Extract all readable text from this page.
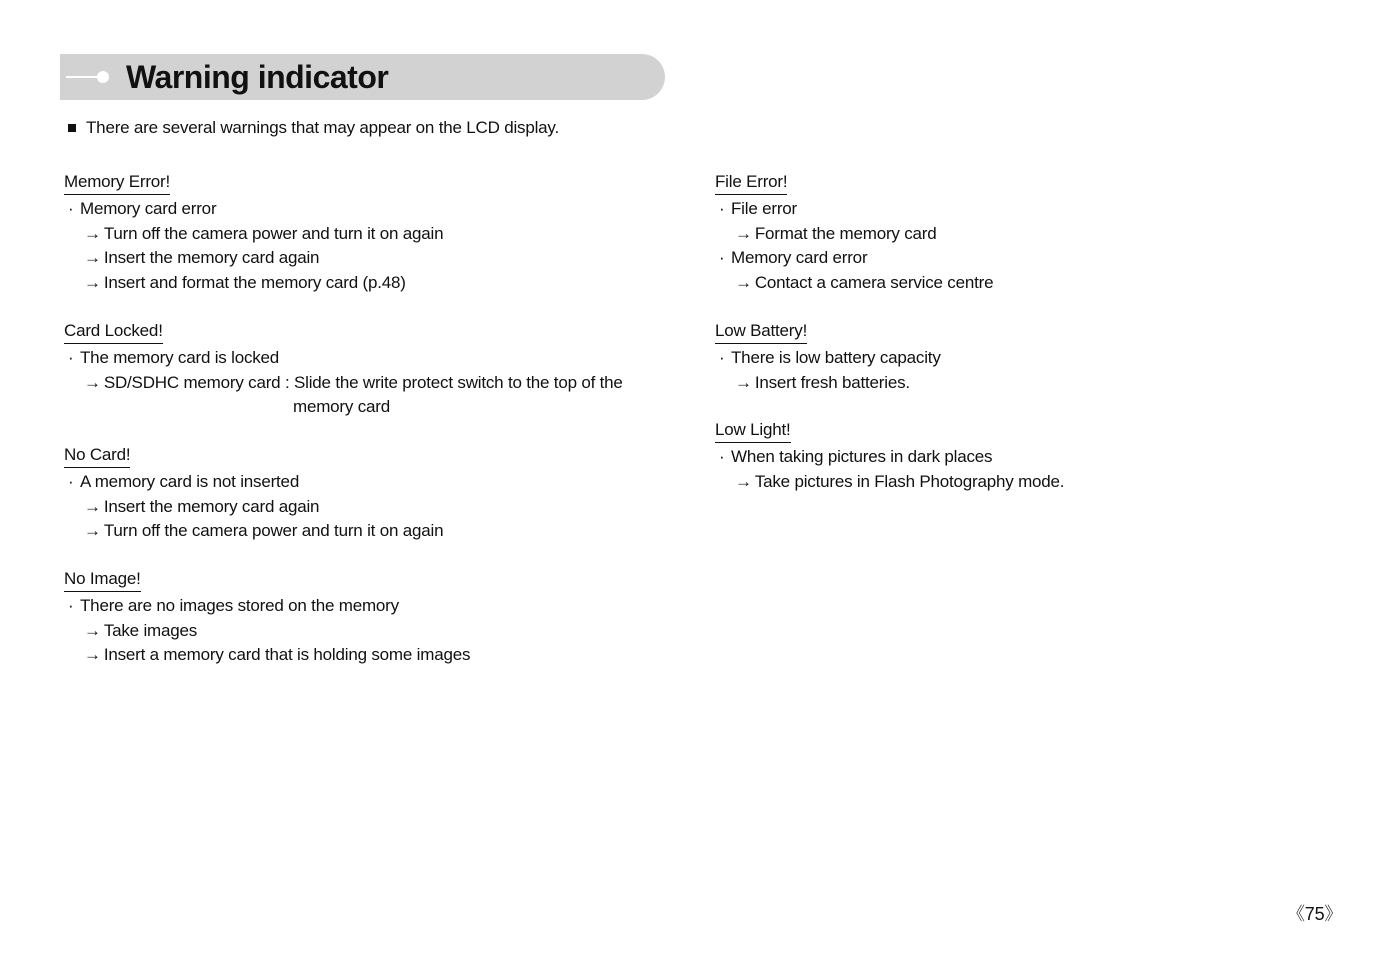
Warning indicator
There are several warnings that may appear on the LCD display.
Memory Error!
· Memory card error
→ Turn off the camera power and turn it on again
→ Insert the memory card again
→ Insert and format the memory card (p.48)
Card Locked!
· The memory card is locked
→ SD/SDHC memory card : Slide the write protect switch to the top of the
memory card
No Card!
· A memory card is not inserted
→ Insert the memory card again
→ Turn off the camera power and turn it on again
No Image!
· There are no images stored on the memory
→ Take images
→ Insert a memory card that is holding some images
File Error!
· File error
→ Format the memory card
· Memory card error
→ Contact a camera service centre
Low Battery!
· There is low battery capacity
→ Insert fresh batteries.
Low Light!
· When taking pictures in dark places
→ Take pictures in Flash Photography mode.
《75》
